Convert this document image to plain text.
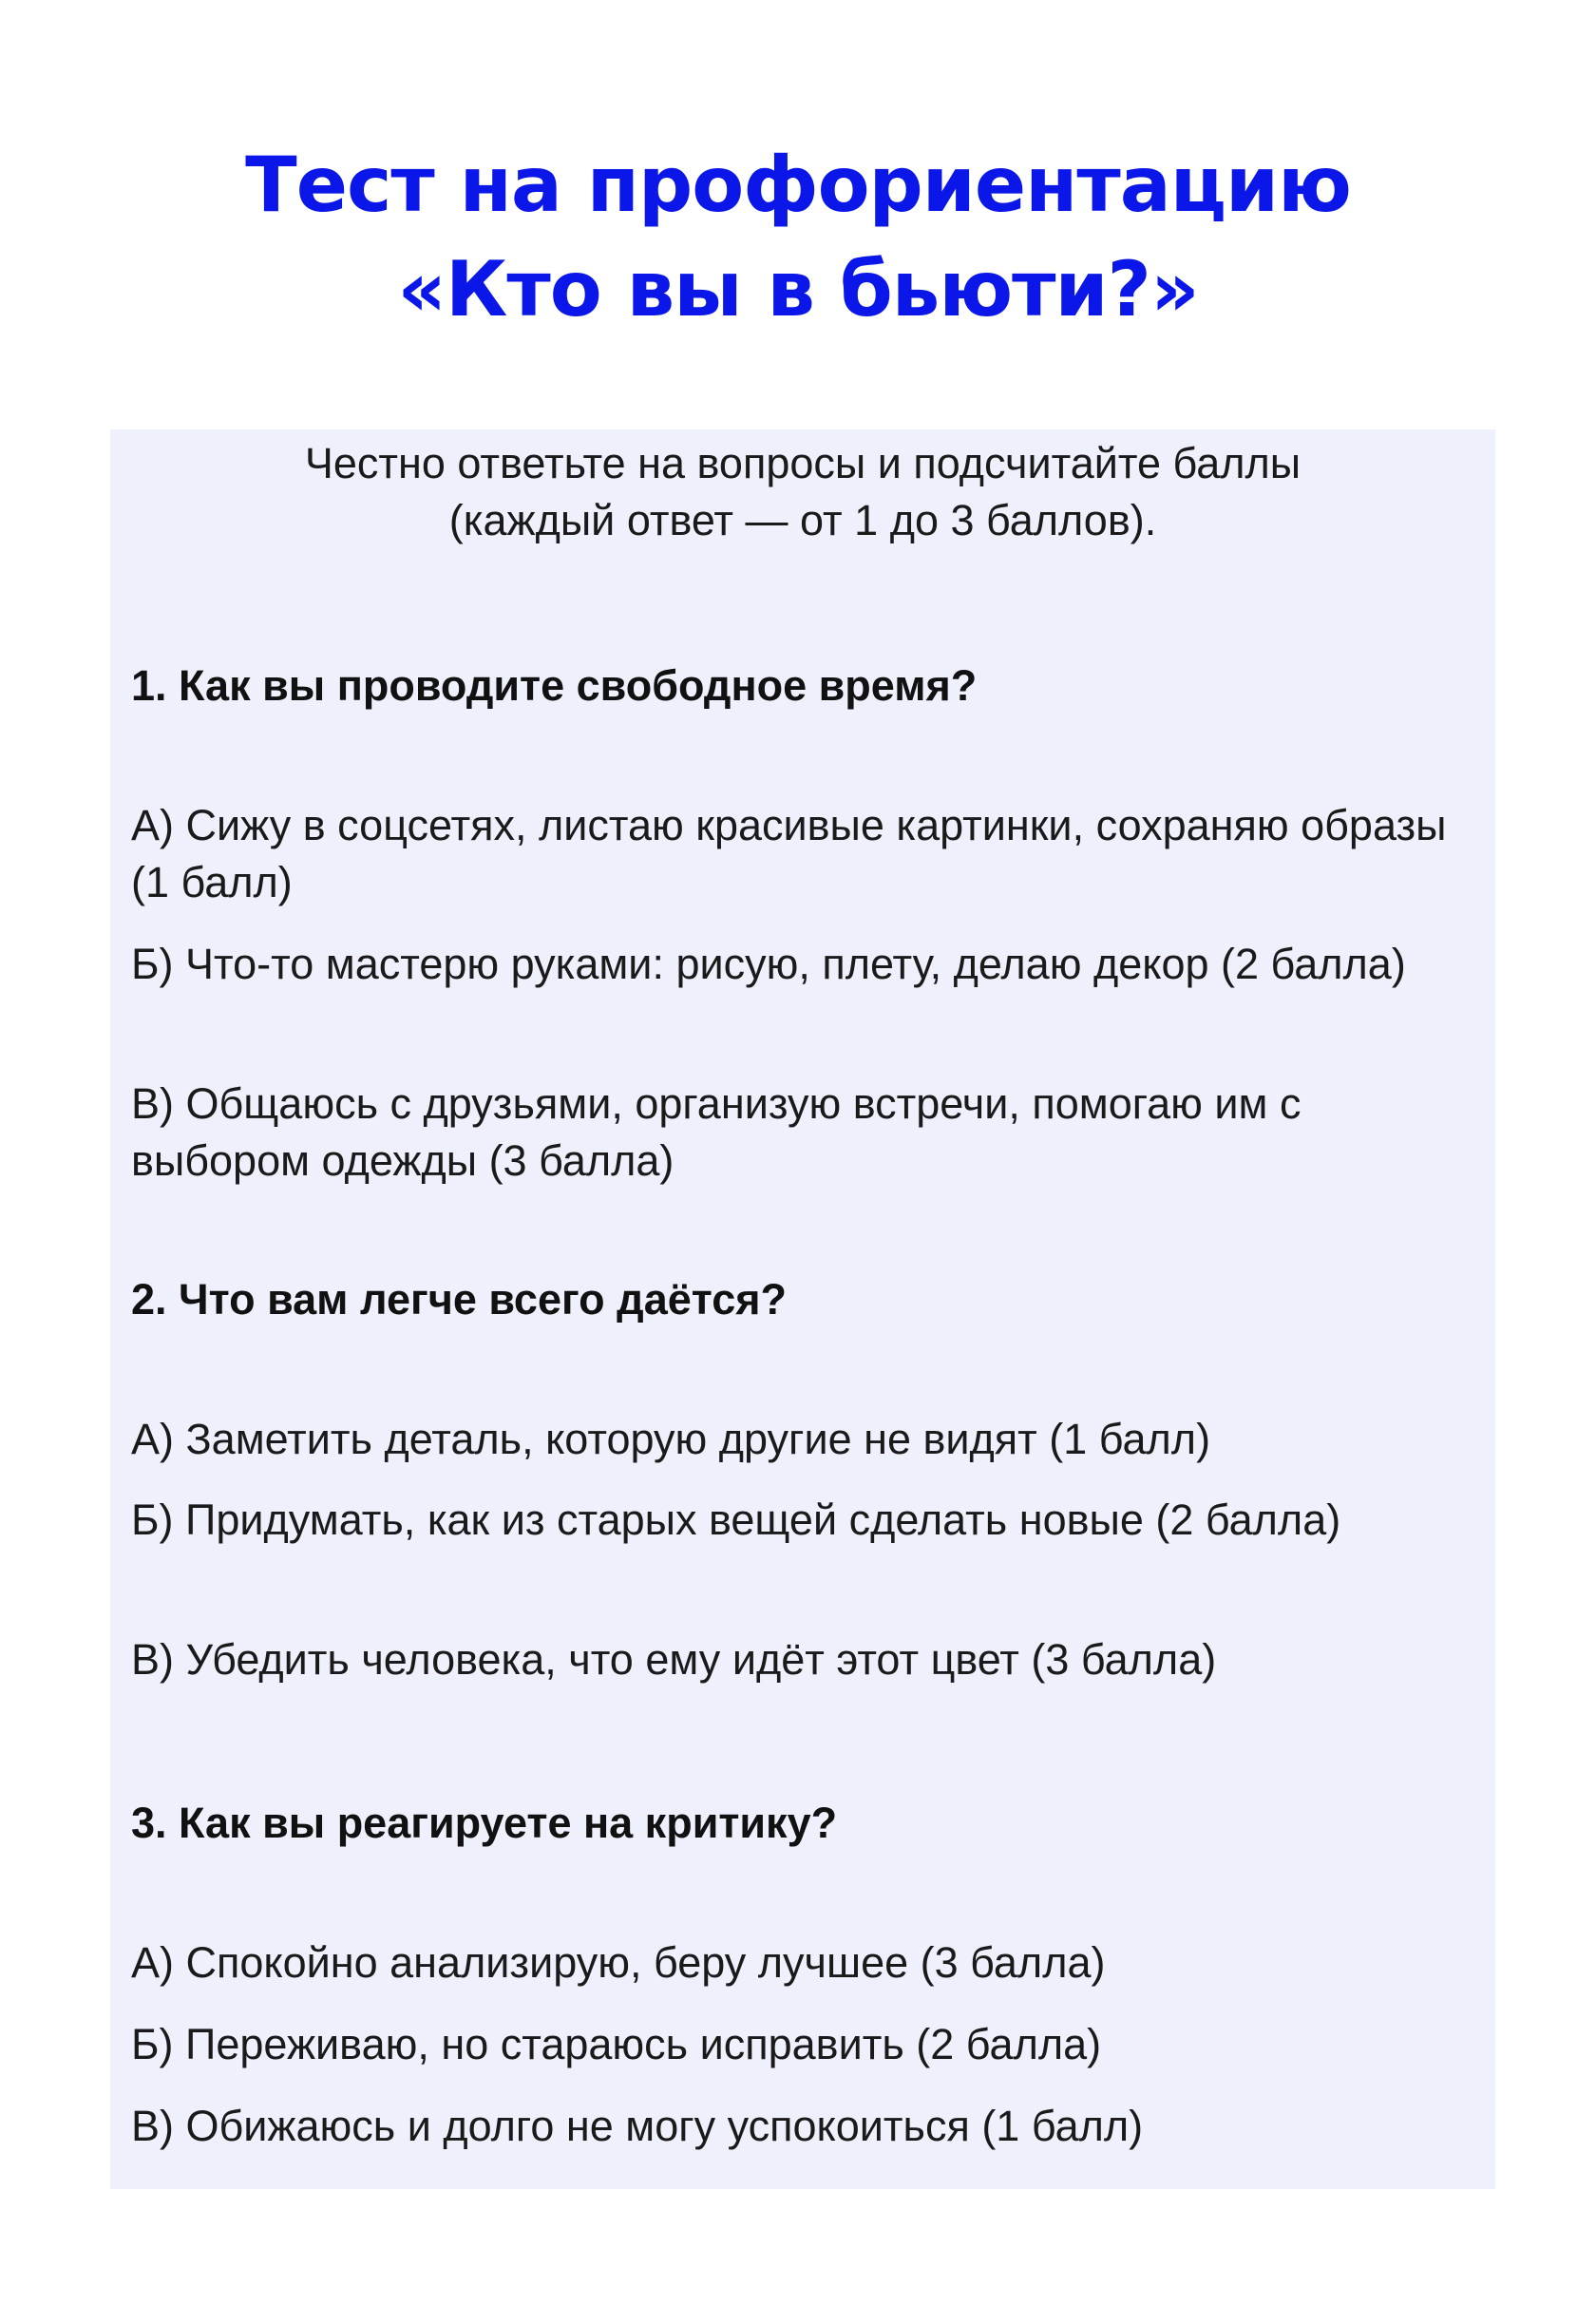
Тест на профориентацию
«Кто вы в бьюти?»
Честно ответьте на вопросы и подсчитайте баллы
(каждый ответ — от 1 до 3 баллов).
1. Как вы проводите свободное время?
А) Сижу в соцсетях, листаю красивые картинки, сохраняю образы (1 балл)
Б) Что-то мастерю руками: рисую, плету, делаю декор (2 балла)
В) Общаюсь с друзьями, организую встречи, помогаю им с выбором одежды (3 балла)
2. Что вам легче всего даётся?
А) Заметить деталь, которую другие не видят (1 балл)
Б) Придумать, как из старых вещей сделать новые (2 балла)
В) Убедить человека, что ему идёт этот цвет (3 балла)
3. Как вы реагируете на критику?
А) Спокойно анализирую, беру лучшее (3 балла)
Б) Переживаю, но стараюсь исправить (2 балла)
В) Обижаюсь и долго не могу успокоиться (1 балл)
